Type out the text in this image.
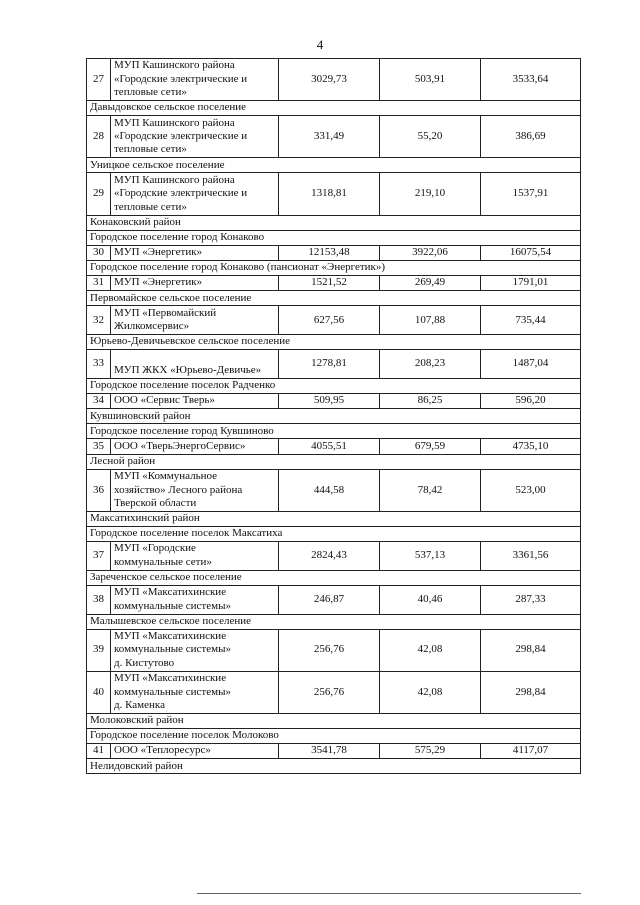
4
27	МУП Кашинского района
«Городские электрические и
тепловые сети»	3029,73	503,91	3533,64
Давыдовское сельское поселение				
28	МУП Кашинского района
«Городские электрические и
тепловые сети»	331,49	55,20	386,69
Уницкое сельское поселение				
29	МУП Кашинского района
«Городские электрические и
тепловые сети»	1318,81	219,10	1537,91
Конаковский район				
Городское поселение город Конаково				
30	МУП «Энергетик»	12153,48	3922,06	16075,54
Городское поселение город Конаково (пансионат «Энергетик»)				
31	МУП «Энергетик»	1521,52	269,49	1791,01
Первомайское сельское поселение				
32	МУП «Первомайский
Жилкомсервис»	627,56	107,88	735,44
Юрьево-Девичьевское сельское поселение				
33	МУП ЖКХ «Юрьево-Девичье»	1278,81	208,23	1487,04
Городское поселение поселок Радченко				
34	ООО «Сервис Тверь»	509,95	86,25	596,20
Кувшиновский район				
Городское поселение город Кувшиново				
35	ООО «ТверьЭнергоСервис»	4055,51	679,59	4735,10
Лесной район				
36	МУП «Коммунальное
хозяйство» Лесного района
Тверской области	444,58	78,42	523,00
Максатихинский район				
Городское поселение поселок Максатиха				
37	МУП «Городские
коммунальные сети»	2824,43	537,13	3361,56
Зареченское сельское поселение				
38	МУП «Максатихинские
коммунальные системы»	246,87	40,46	287,33
Малышевское сельское поселение				
39	МУП «Максатихинские
коммунальные системы»
д. Кистутово	256,76	42,08	298,84
40	МУП «Максатихинские
коммунальные системы»
д. Каменка	256,76	42,08	298,84
Молоковский район				
Городское поселение поселок Молоково				
41	ООО «Теплоресурс»	3541,78	575,29	4117,07
Нелидовский район				
